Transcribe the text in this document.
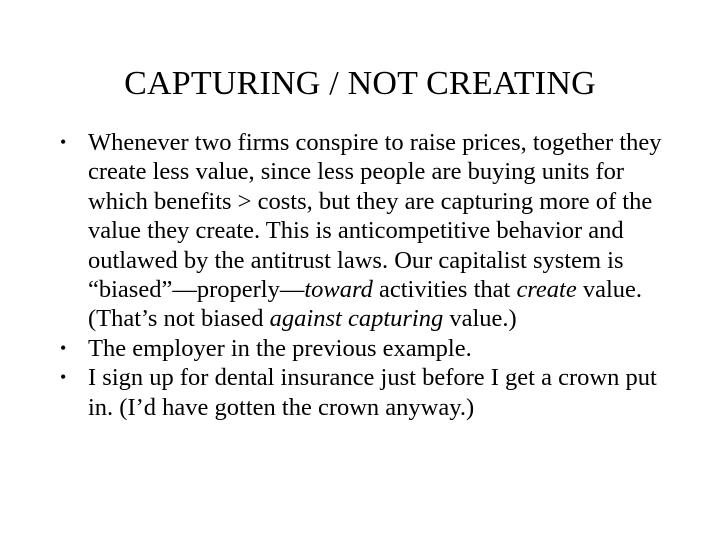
CAPTURING / NOT CREATING
• Whenever two firms conspire to raise prices, together they create less value, since less people are buying units for which benefits > costs, but they are capturing more of the value they create. This is anticompetitive behavior and outlawed by the antitrust laws. Our capitalist system is “biased”—properly—toward activities that create value. (That’s not biased against capturing value.)
• The employer in the previous example.
• I sign up for dental insurance just before I get a crown put in. (I’d have gotten the crown anyway.)
